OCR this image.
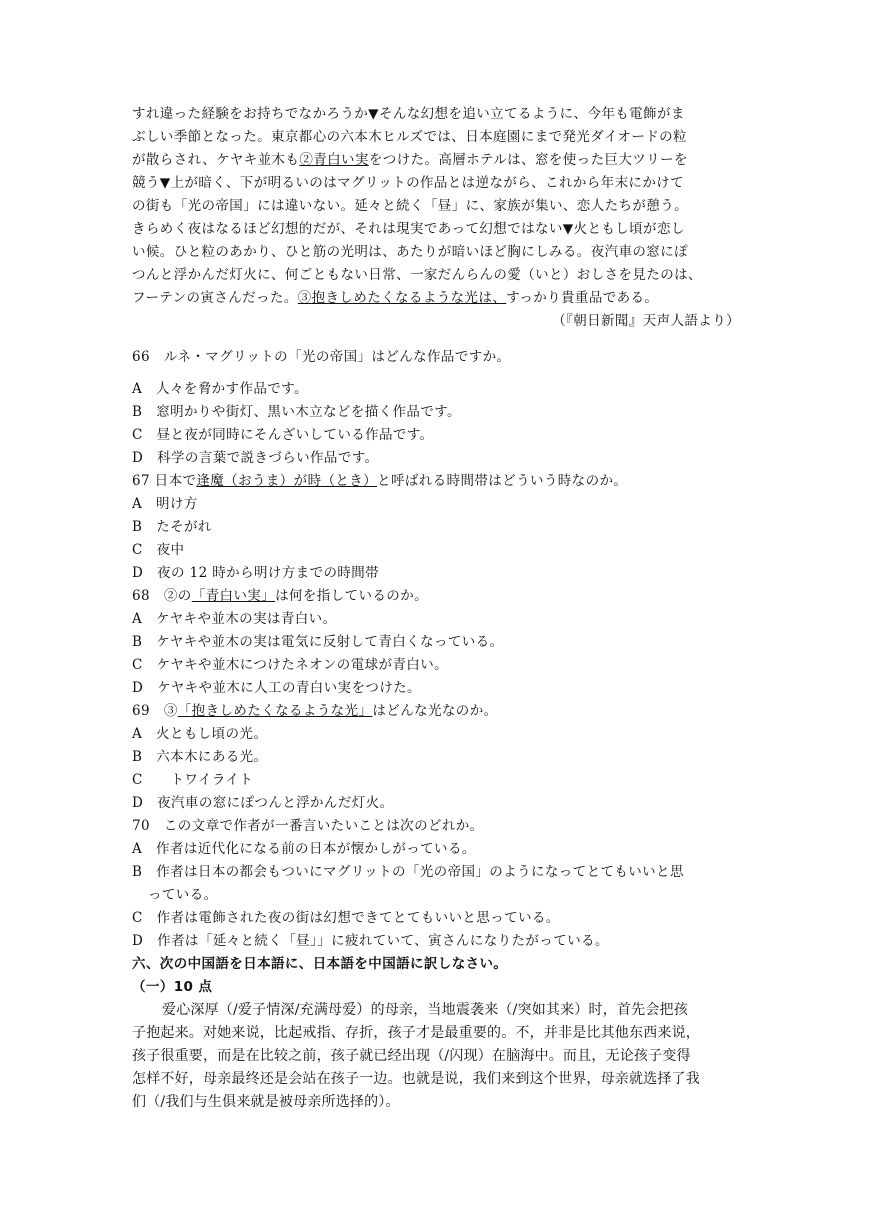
すれ違った経験をお持ちでなかろうか▼そんな幻想を追い立てるように、今年も電飾がま
ぶしい季節となった。東京都心の六本木ヒルズでは、日本庭園にまで発光ダイオードの粒
が散らされ、ケヤキ並木も②青白い実をつけた。高層ホテルは、窓を使った巨大ツリーを
競う▼上が暗く、下が明るいのはマグリットの作品とは逆ながら、これから年末にかけて
の街も「光の帝国」には違いない。延々と続く「昼」に、家族が集い、恋人たちが憩う。
きらめく夜はなるほど幻想的だが、それは現実であって幻想ではない▼火ともし頃が恋し
い候。ひと粒のあかり、ひと筋の光明は、あたりが暗いほど胸にしみる。夜汽車の窓にぽ
つんと浮かんだ灯火に、何ごともない日常、一家だんらんの愛（いと）おしさを見たのは、
フーテンの寅さんだった。③抱きしめたくなるような光は、すっかり貴重品である。
（『朝日新聞』天声人語より）
66　ルネ・マグリットの「光の帝国」はどんな作品ですか。
A　人々を脅かす作品です。
B　窓明かりや街灯、黒い木立などを描く作品です。
C　昼と夜が同時にそんざいしている作品です。
D　科学の言葉で説きづらい作品です。
67 日本で逢魔（おうま）が時（とき）と呼ばれる時間帯はどういう時なのか。
A　明け方
B　たそがれ
C　夜中
D　夜の 12 時から明け方までの時間帯
68　②の「青白い実」は何を指しているのか。
A　ケヤキや並木の実は青白い。
B　ケヤキや並木の実は電気に反射して青白くなっている。
C　ケヤキや並木につけたネオンの電球が青白い。
D　ケヤキや並木に人工の青白い実をつけた。
69　③「抱きしめたくなるような光」はどんな光なのか。
A　火ともし頃の光。
B　六本木にある光。
C　　トワイライト
D　夜汽車の窓にぽつんと浮かんだ灯火。
70　この文章で作者が一番言いたいことは次のどれか。
A　作者は近代化になる前の日本が懐かしがっている。
B　作者は日本の都会もついにマグリットの「光の帝国」のようになってとてもいいと思
っている。
C　作者は電飾された夜の街は幻想できてとてもいいと思っている。
D　作者は「延々と続く「昼」」に疲れていて、寅さんになりたがっている。
六、次の中国語を日本語に、日本語を中国語に訳しなさい。
（一）10 点
爱心深厚（/爱子情深/充满母爱）的母亲，当地震袭来（/突如其来）时，首先会把孩
子抱起来。对她来说，比起戒指、存折，孩子才是最重要的。不，并非是比其他东西来说，
孩子很重要，而是在比较之前，孩子就已经出现（/闪现）在脑海中。而且，无论孩子变得
怎样不好，母亲最终还是会站在孩子一边。也就是说，我们来到这个世界，母亲就选择了我
们（/我们与生俱来就是被母亲所选择的）。
